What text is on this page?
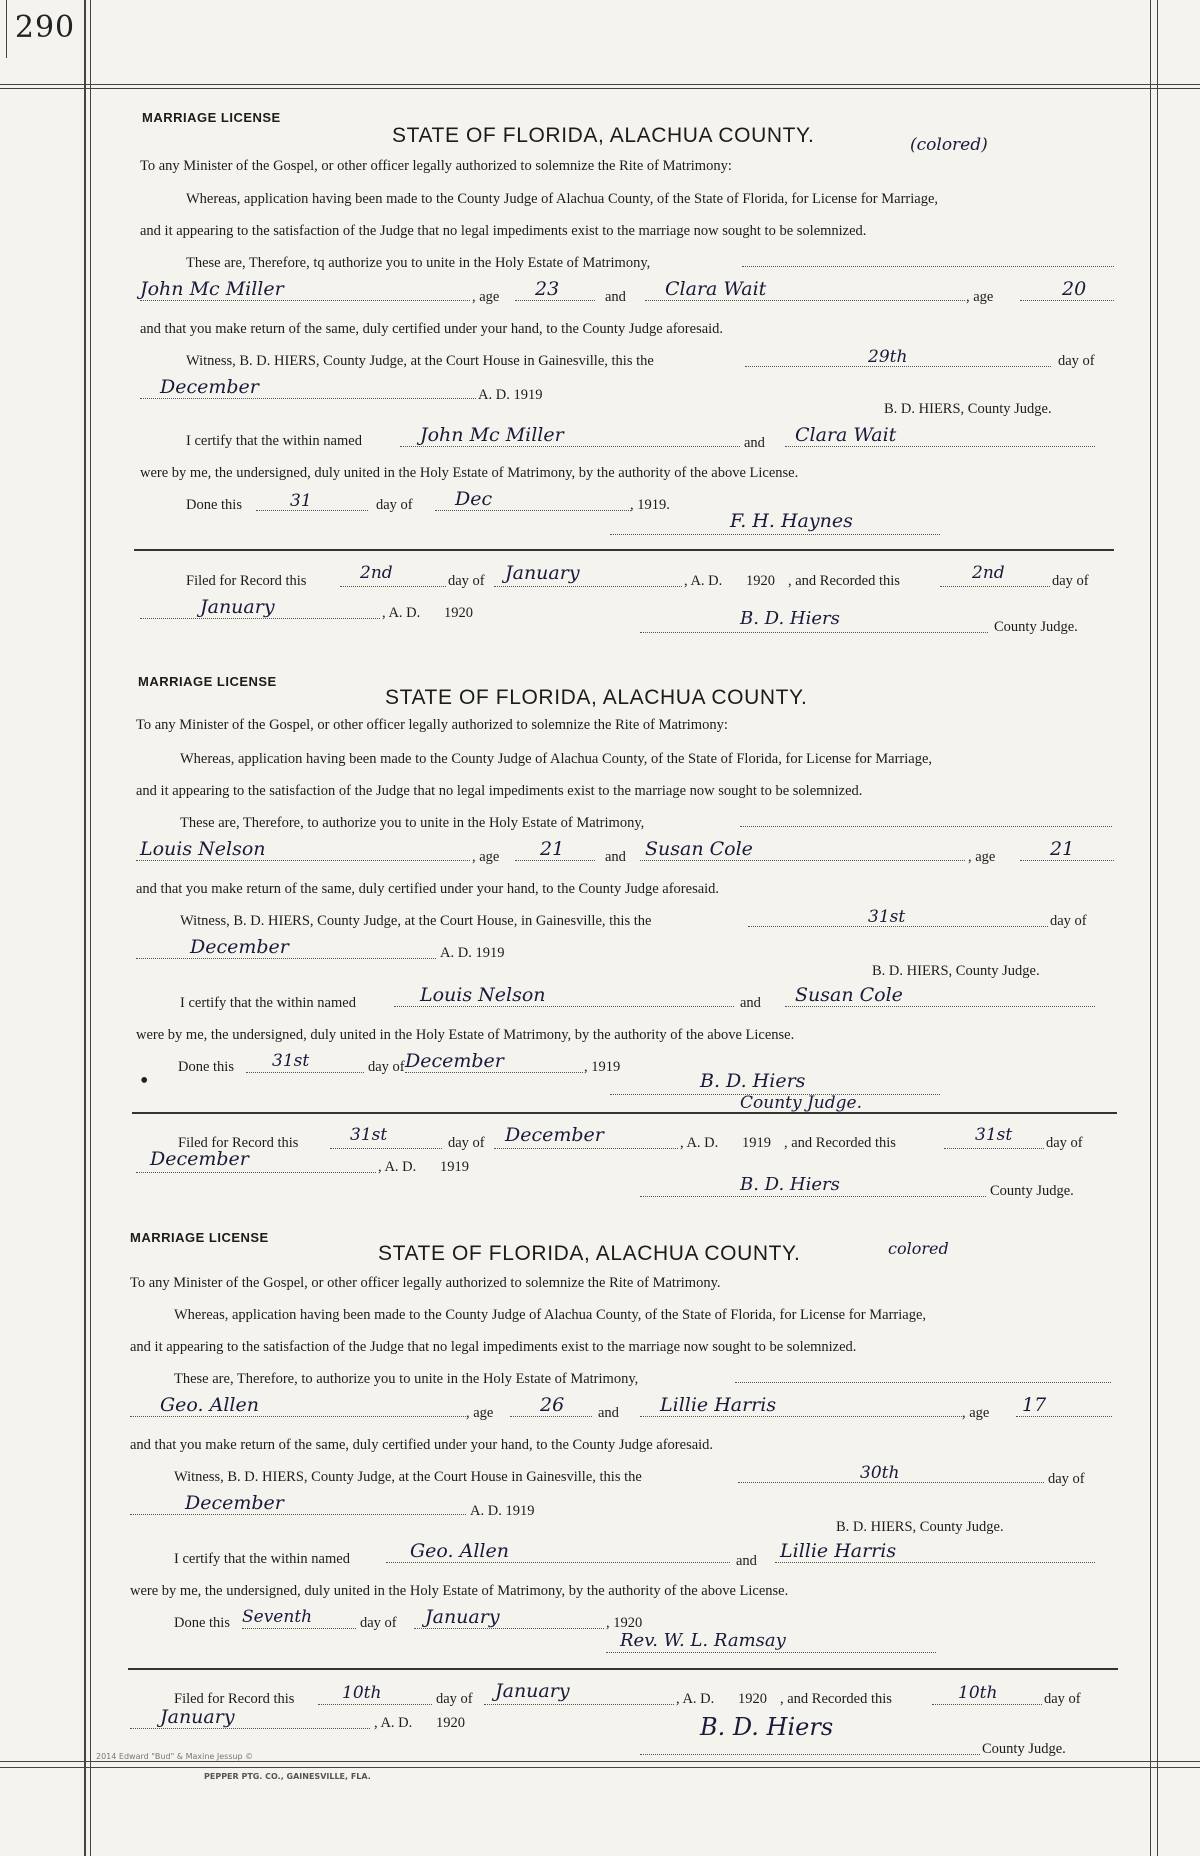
290
MARRIAGE LICENSE
STATE OF FLORIDA, ALACHUA COUNTY.	(colored)
To any Minister of the Gospel, or other officer legally authorized to solemnize the Rite of Matrimony:
Whereas, application having been made to the County Judge of Alachua County, of the State of Florida, for License for Marriage,
and it appearing to the satisfaction of the Judge that no legal impediments exist to the marriage now sought to be solemnized.
These are, Therefore, tq authorize you to unite in the Holy Estate of Matrimony,
John Mc Miller	, age 23	and Clara Wait	, age	20
and that you make return of the same, duly certified under your hand, to the County Judge aforesaid.
Witness, B. D. HIERS, County Judge, at the Court House in Gainesville, this the	29th	day of
December	A. D. 1919
B. D. HIERS, County Judge.
I certify that the within named	John Mc Miller	and Clara Wait
were by me, the undersigned, duly united in the Holy Estate of Matrimony, by the authority of the above License.
Done this	31	day of Dec	, 1919.
F. H. Haynes
Filed for Record this	2nd	day of January	, A. D. 1920 , and Recorded this	2nd	day of
January	, A. D. 1920	B. D. Hiers	County Judge.
MARRIAGE LICENSE
STATE OF FLORIDA, ALACHUA COUNTY.
To any Minister of the Gospel, or other officer legally authorized to solemnize the Rite of Matrimony:
Whereas, application having been made to the County Judge of Alachua County, of the State of Florida, for License for Marriage,
and it appearing to the satisfaction of the Judge that no legal impediments exist to the marriage now sought to be solemnized.
These are, Therefore, to authorize you to unite in the Holy Estate of Matrimony,
Louis Nelson	, age 21	and Susan Cole	, age	21
and that you make return of the same, duly certified under your hand, to the County Judge aforesaid.
Witness, B. D. HIERS, County Judge, at the Court House, in Gainesville, this the	31st	day of
December	A. D. 1919
B. D. HIERS, County Judge.
I certify that the within named	Louis Nelson	and Susan Cole
were by me, the undersigned, duly united in the Holy Estate of Matrimony, by the authority of the above License.
Done this 31st	day of December	, 1919
B. D. Hiers
County Judge.
•
Filed for Record this	31st	day of December	, A. D. 1919 , and Recorded this	31st day of
December	, A. D. 1919
B. D. Hiers	County Judge.
MARRIAGE LICENSE
STATE OF FLORIDA, ALACHUA COUNTY.	colored
To any Minister of the Gospel, or other officer legally authorized to solemnize the Rite of Matrimony.
Whereas, application having been made to the County Judge of Alachua County, of the State of Florida, for License for Marriage,
and it appearing to the satisfaction of the Judge that no legal impediments exist to the marriage now sought to be solemnized.
These are, Therefore, to authorize you to unite in the Holy Estate of Matrimony,
Geo. Allen	, age 26 and Lillie Harris	, age 17
and that you make return of the same, duly certified under your hand, to the County Judge aforesaid.
Witness, B. D. HIERS, County Judge, at the Court House in Gainesville, this the	30th	day of
December	A. D. 1919
B. D. HIERS, County Judge.
I certify that the within named	Geo. Allen	and Lillie Harris
were by me, the undersigned, duly united in the Holy Estate of Matrimony, by the authority of the above License.
Done this Seventh	day of January	, 1920
Rev. W. L. Ramsay
Filed for Record this	10th	day of January	, A. D. 1920 , and Recorded this	10th	day of
January	, A. D. 1920	B. D. Hiers
County Judge.
2014 Edward "Bud" & Maxine Jessup ©
PEPPER PTG. CO., GAINESVILLE, FLA.
